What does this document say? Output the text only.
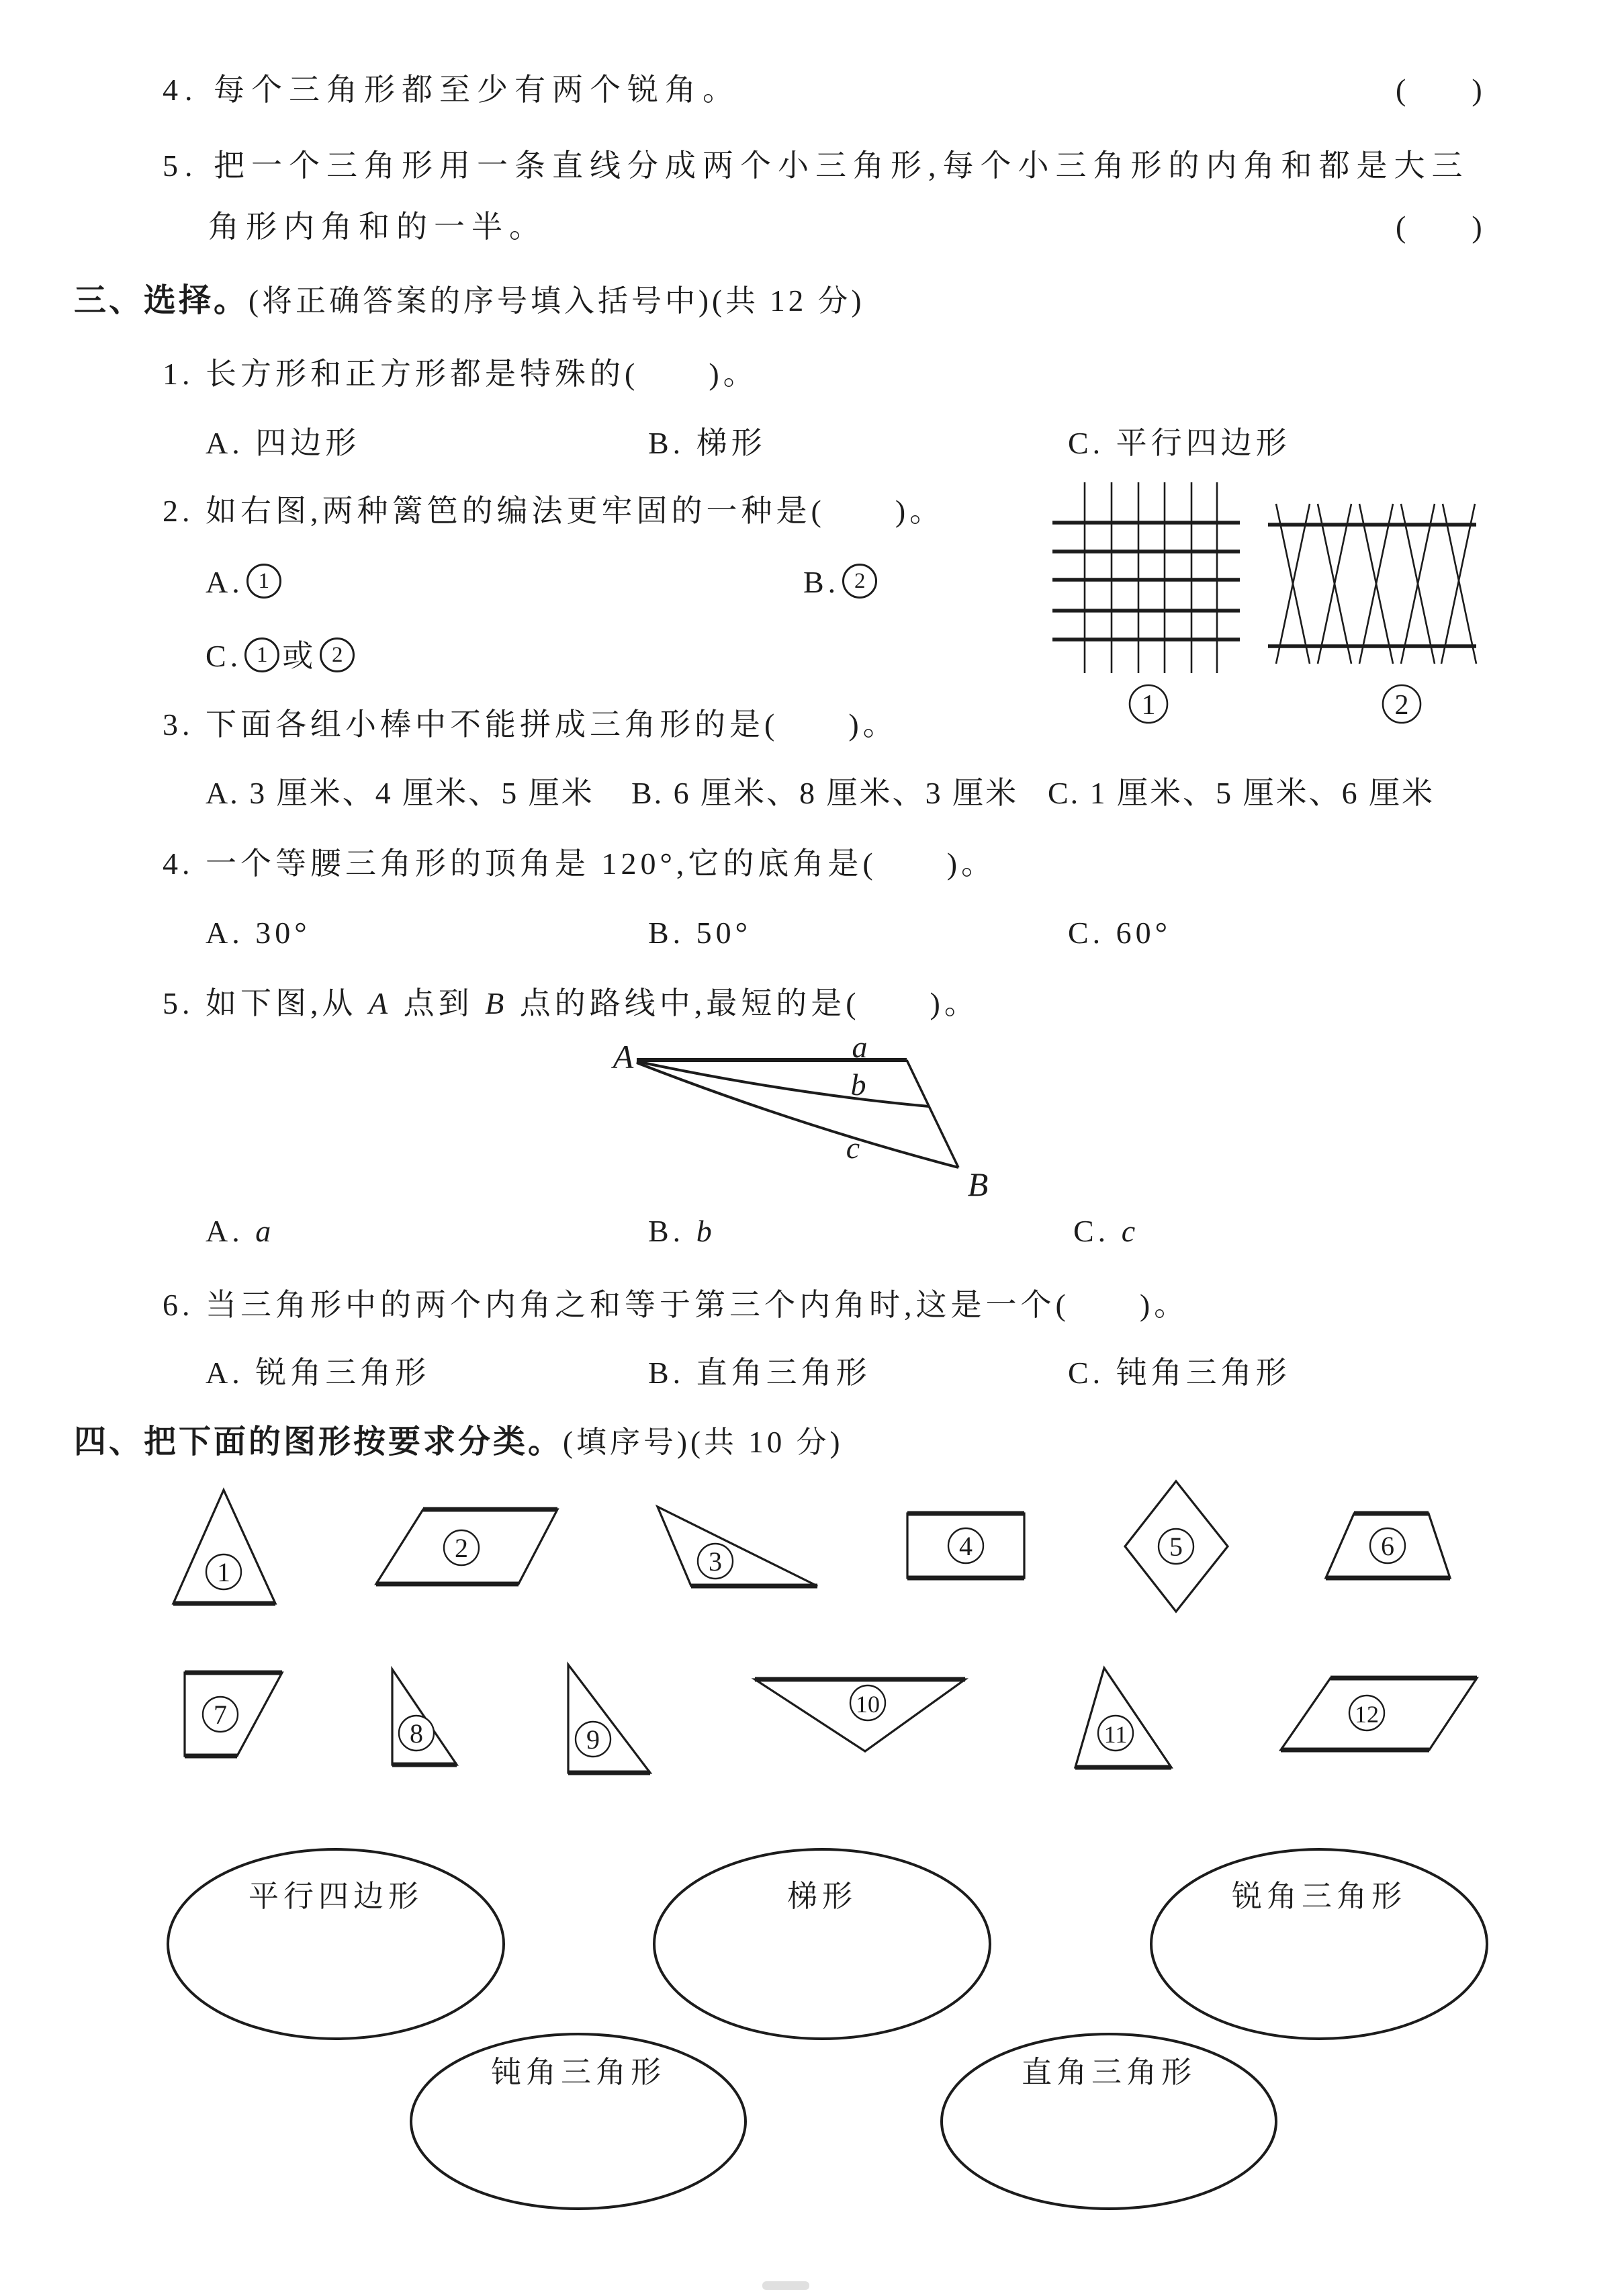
4. 每个三角形都至少有两个锐角。	(　　)
5. 把一个三角形用一条直线分成两个小三角形,每个小三角形的内角和都是大三
角形内角和的一半。	(　　)
三、选择。(将正确答案的序号填入括号中)(共 12 分)
1. 长方形和正方形都是特殊的(　　)。
A. 四边形	B. 梯形	C. 平行四边形
2. 如右图,两种篱笆的编法更牢固的一种是(　　)。
A. 1	B. 2
C. 1 或 2
1	2
3. 下面各组小棒中不能拼成三角形的是(　　)。
A. 3 厘米、4 厘米、5 厘米 B. 6 厘米、8 厘米、3 厘米 C. 1 厘米、5 厘米、6 厘米
4. 一个等腰三角形的顶角是 120°,它的底角是(　　)。
A. 30°	B. 50°	C. 60°
5. 如下图,从 A 点到 B 点的路线中,最短的是(　　)。
A	a
b
c
B
A. a	B. b	C. c
6. 当三角形中的两个内角之和等于第三个内角时,这是一个(　　)。
A. 锐角三角形	B. 直角三角形	C. 钝角三角形
四、把下面的图形按要求分类。(填序号)(共 10 分)
1
2	3
4	5	6
7
8	9
10
11
12
平行四边形	梯形	锐角三角形
钝角三角形	直角三角形
